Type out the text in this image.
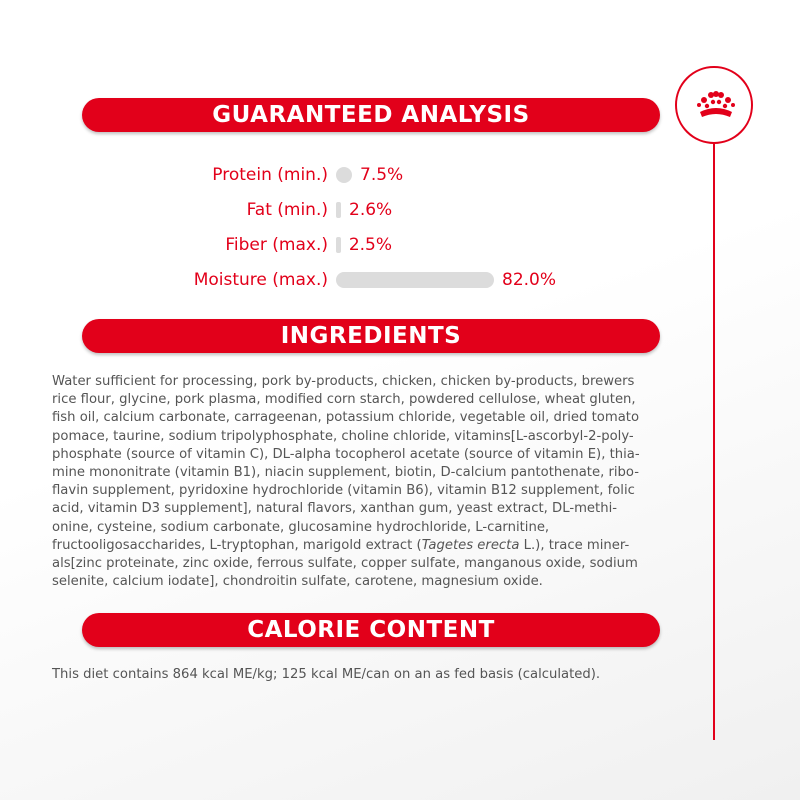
GUARANTEED ANALYSIS
Protein (min.) 7.5%
Fat (min.) 2.6%
Fiber (max.) 2.5%
Moisture (max.)	82.0%
INGREDIENTS
Water sufficient for processing, pork by-products, chicken, chicken by-products, brewers
rice flour, glycine, pork plasma, modified corn starch, powdered cellulose, wheat gluten,
fish oil, calcium carbonate, carrageenan, potassium chloride, vegetable oil, dried tomato
pomace, taurine, sodium tripolyphosphate, choline chloride, vitamins[L-ascorbyl-2-poly-
phosphate (source of vitamin C), DL-alpha tocopherol acetate (source of vitamin E), thia-
mine mononitrate (vitamin B1), niacin supplement, biotin, D-calcium pantothenate, ribo-
flavin supplement, pyridoxine hydrochloride (vitamin B6), vitamin B12 supplement, folic
acid, vitamin D3 supplement], natural flavors, xanthan gum, yeast extract, DL-methi-
onine, cysteine, sodium carbonate, glucosamine hydrochloride, L-carnitine,
fructooligosaccharides, L-tryptophan, marigold extract (Tagetes erecta L.), trace miner-
als[zinc proteinate, zinc oxide, ferrous sulfate, copper sulfate, manganous oxide, sodium
selenite, calcium iodate], chondroitin sulfate, carotene, magnesium oxide.
CALORIE CONTENT
This diet contains 864 kcal ME/kg; 125 kcal ME/can on an as fed basis (calculated).
